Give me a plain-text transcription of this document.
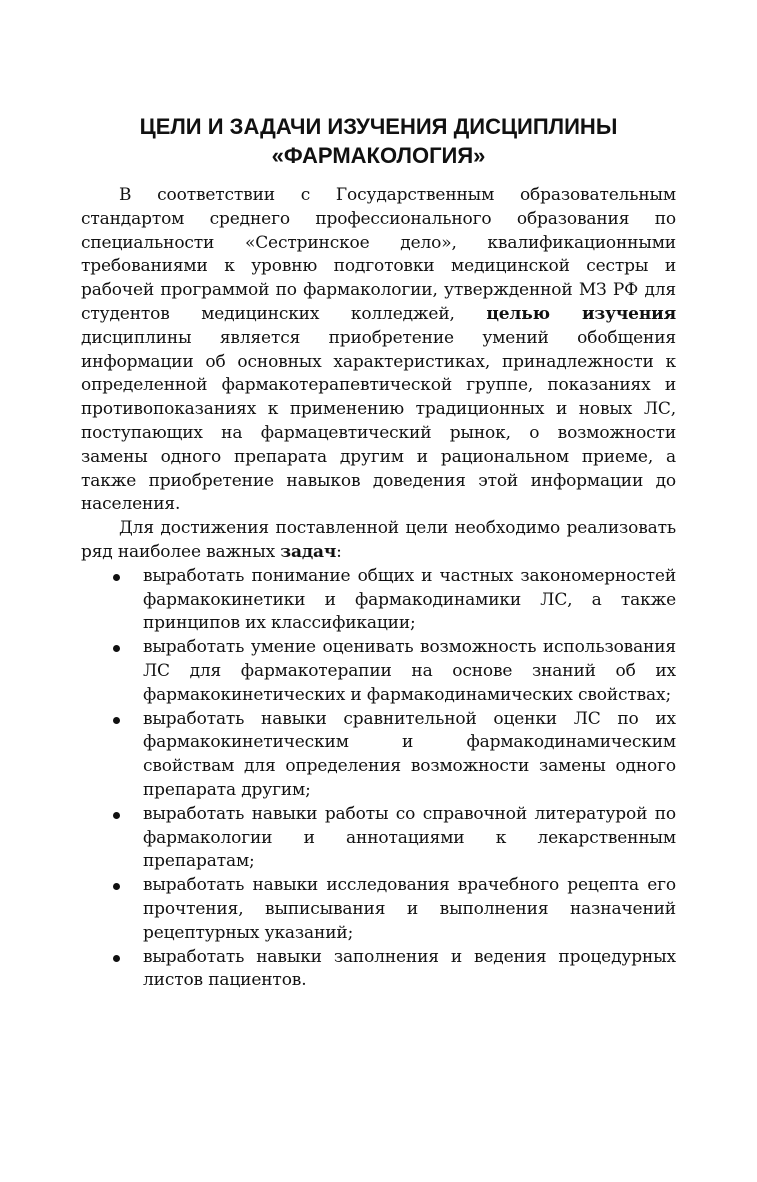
ЦЕЛИ И ЗАДАЧИ ИЗУЧЕНИЯ ДИСЦИПЛИНЫ
«ФАРМАКОЛОГИЯ»

В соответствии с Государственным образовательным стандартом среднего профессионального образования по специальности «Сестринское дело», квалификационными требованиями к уровню подготовки медицинской сестры и рабочей программой по фармакологии, утвержденной МЗ РФ для студентов медицинских колледжей, целью изучения дисциплины является приобретение умений обобщения информации об основных характеристиках, принадлежности к определенной фармакотерапевтической группе, показаниях и противопоказаниях к применению традиционных и новых ЛС, поступающих на фармацевтический рынок, о возможности замены одного препарата другим и рациональном приеме, а также приобретение навыков доведения этой информации до населения.

Для достижения поставленной цели необходимо реализовать ряд наиболее важных задач:

выработать понимание общих и частных закономерностей фармакокинетики и фармакодинамики ЛС, а также принципов их классификации;
выработать умение оценивать возможность использования ЛС для фармакотерапии на основе знаний об их фармакокинетических и фармакодинамических свойствах;
выработать навыки сравнительной оценки ЛС по их фармакокинетическим и фармакодинамическим свойствам для определения возможности замены одного препарата другим;
выработать навыки работы со справочной литературой по фармакологии и аннотациями к лекарственным препаратам;
выработать навыки исследования врачебного рецепта его прочтения, выписывания и выполнения назначений рецептурных указаний;
выработать навыки заполнения и ведения процедурных листов пациентов.
